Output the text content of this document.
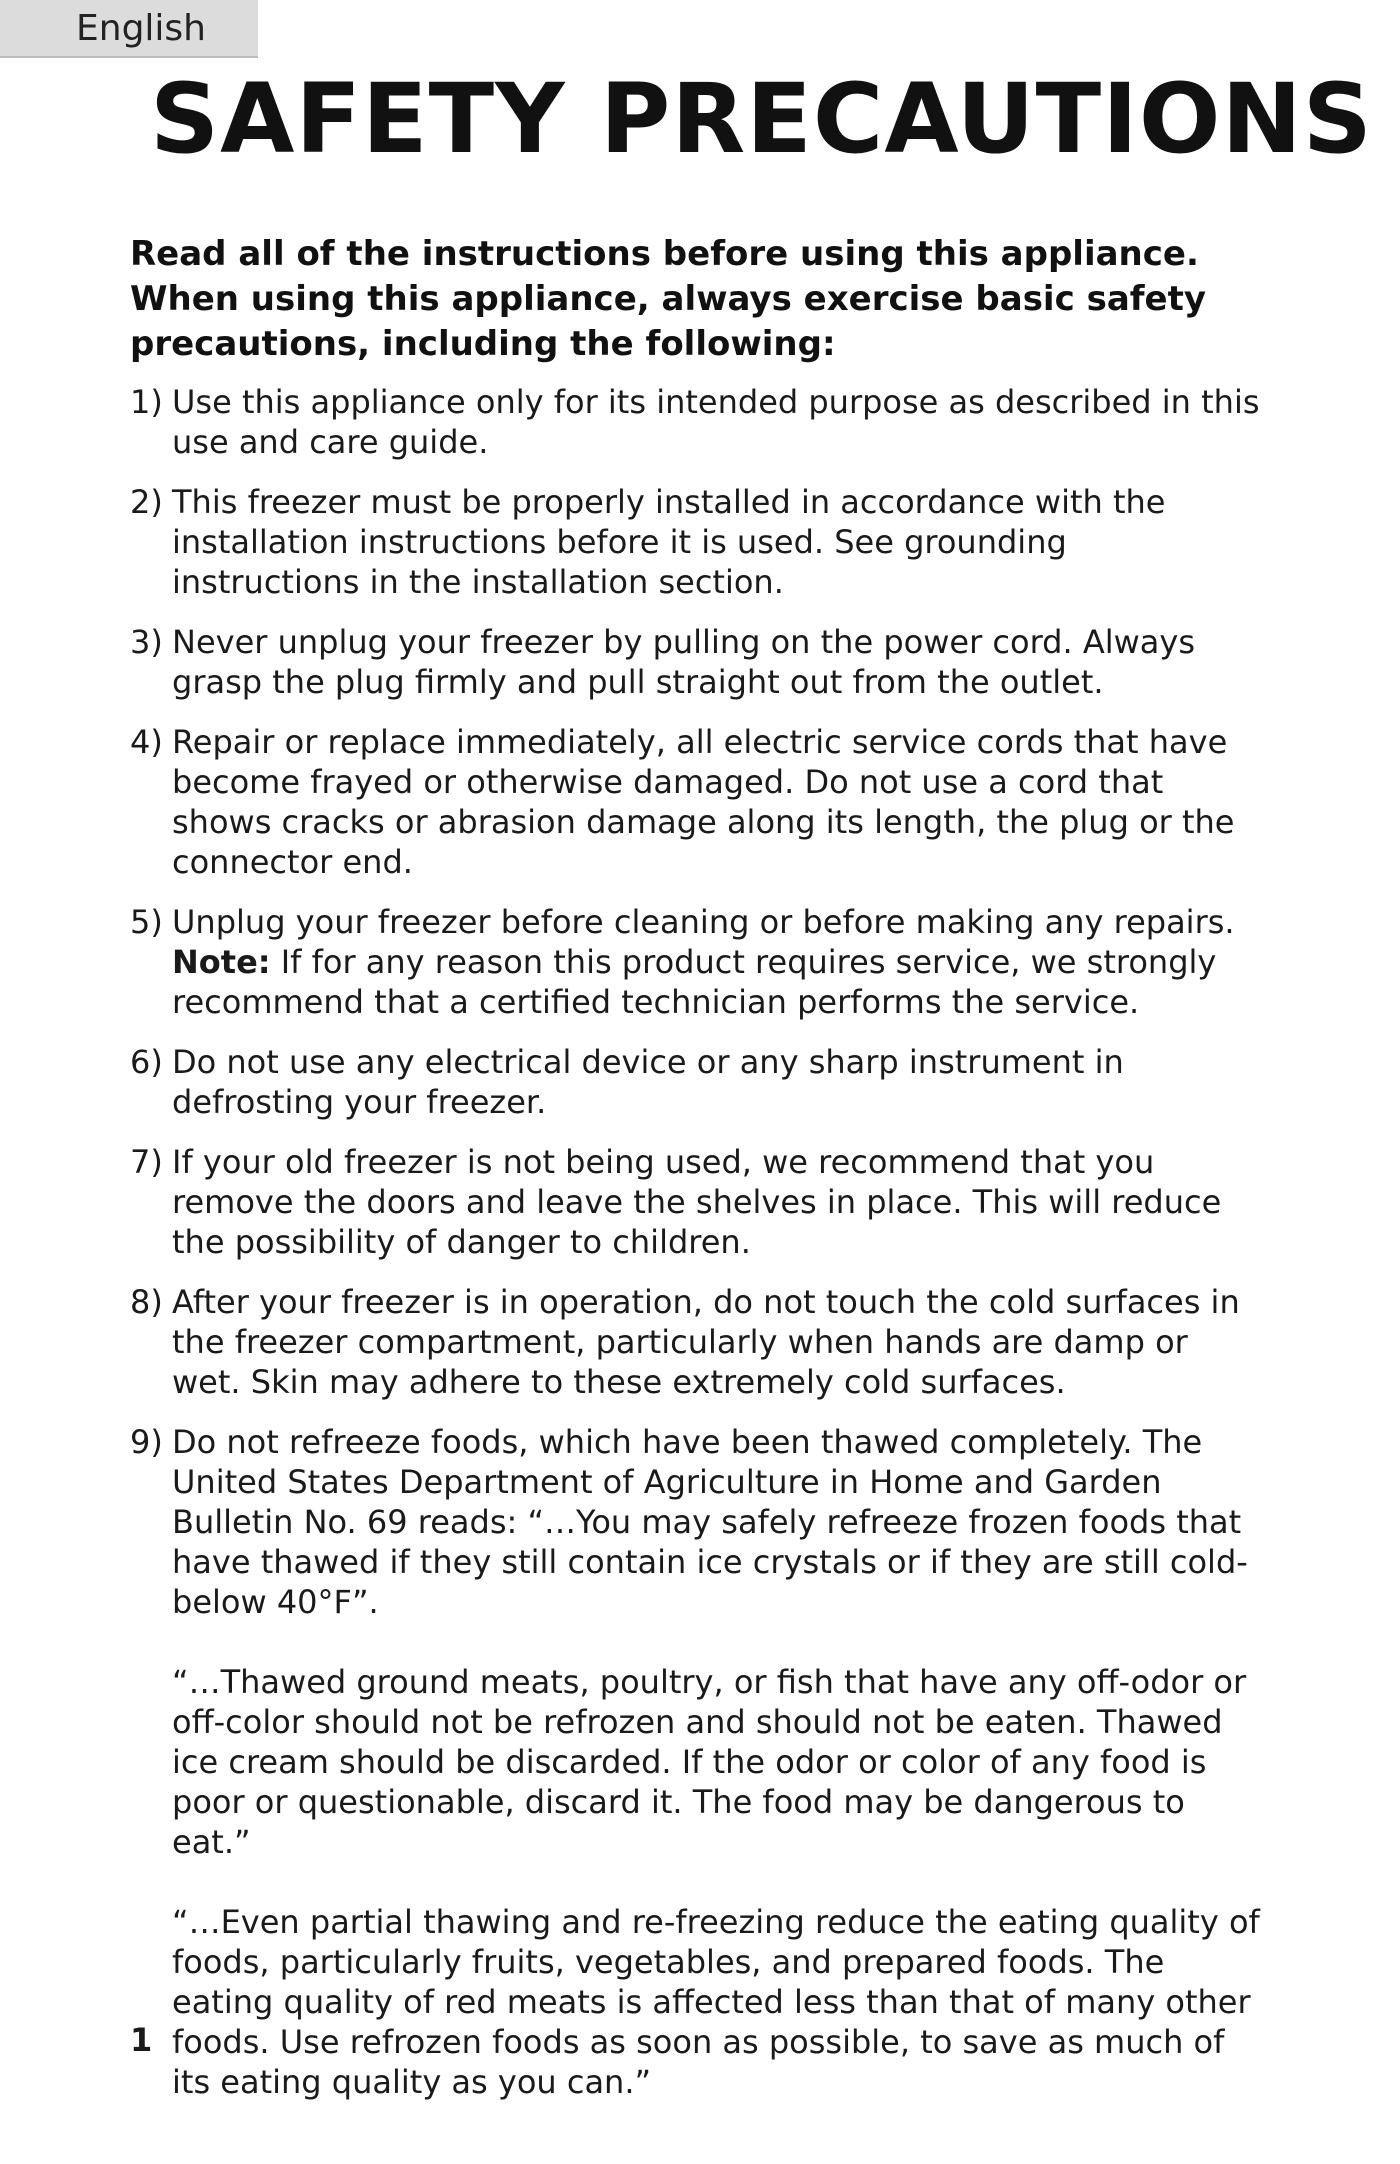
English
SAFETY PRECAUTIONS

Read all of the instructions before using this appliance. When using this appliance, always exercise basic safety precautions, including the following:

1) Use this appliance only for its intended purpose as described in this use and care guide.
2) This freezer must be properly installed in accordance with the installation instructions before it is used. See grounding instructions in the installation section.
3) Never unplug your freezer by pulling on the power cord. Always grasp the plug firmly and pull straight out from the outlet.
4) Repair or replace immediately, all electric service cords that have become frayed or otherwise damaged. Do not use a cord that shows cracks or abrasion damage along its length, the plug or the connector end.
5) Unplug your freezer before cleaning or before making any repairs.
Note: If for any reason this product requires service, we strongly recommend that a certified technician performs the service.
6) Do not use any electrical device or any sharp instrument in defrosting your freezer.
7) If your old freezer is not being used, we recommend that you remove the doors and leave the shelves in place. This will reduce the possibility of danger to children.
8) After your freezer is in operation, do not touch the cold surfaces in the freezer compartment, particularly when hands are damp or wet. Skin may adhere to these extremely cold surfaces.
9) Do not refreeze foods, which have been thawed completely. The United States Department of Agriculture in Home and Garden Bulletin No. 69 reads: “…You may safely refreeze frozen foods that have thawed if they still contain ice crystals or if they are still cold-below 40°F”.
“…Thawed ground meats, poultry, or fish that have any off-odor or off-color should not be refrozen and should not be eaten. Thawed ice cream should be discarded. If the odor or color of any food is poor or questionable, discard it. The food may be dangerous to eat.”
“…Even partial thawing and re-freezing reduce the eating quality of foods, particularly fruits, vegetables, and prepared foods. The eating quality of red meats is affected less than that of many other foods. Use refrozen foods as soon as possible, to save as much of its eating quality as you can.”
1
